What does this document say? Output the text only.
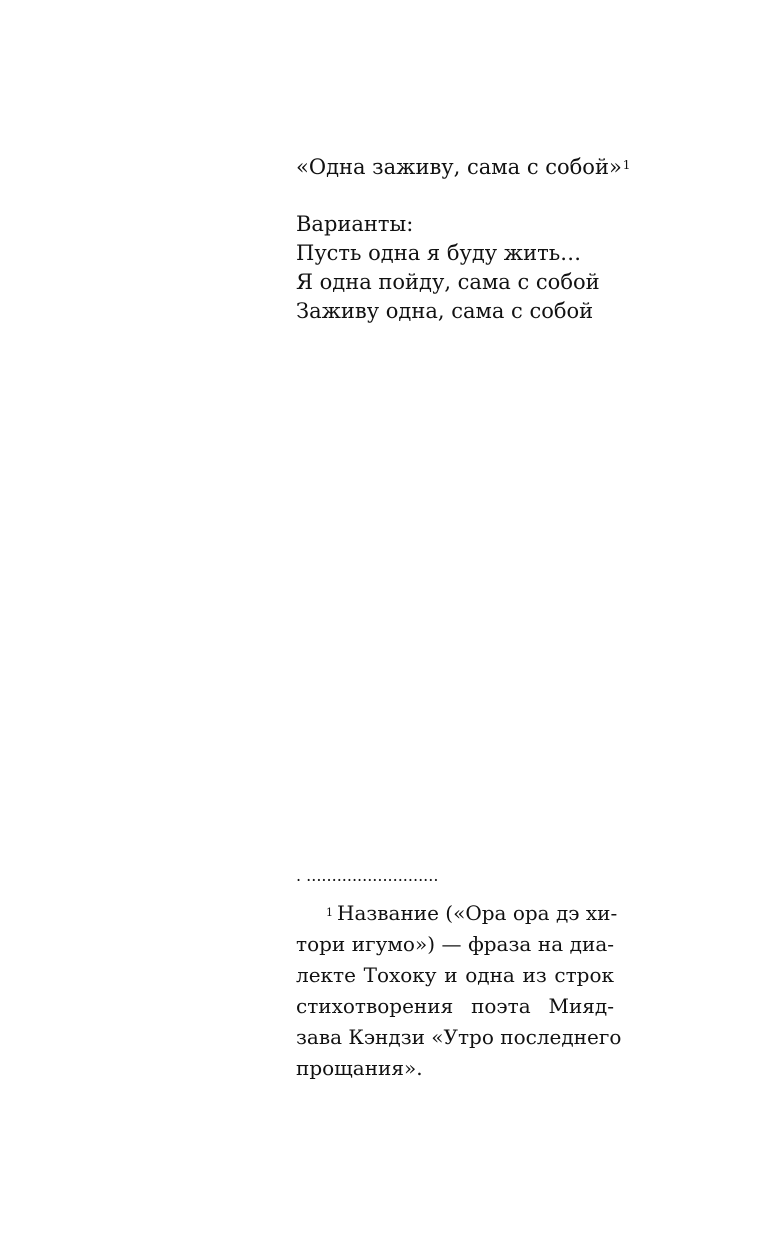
«Одна заживу, сама с собой»$^1$
Варианты:
Пусть одна я буду жить…
Я одна пойду, сама с собой
Заживу одна, сама с собой
. ..........................
$^1$ Название («Ора ора дэ хи-
тори игумо») — фраза на диа-
лекте Тохоку и одна из строк
стихотворения поэта Мияд-
зава Кэндзи «Утро последнего
прощания».
